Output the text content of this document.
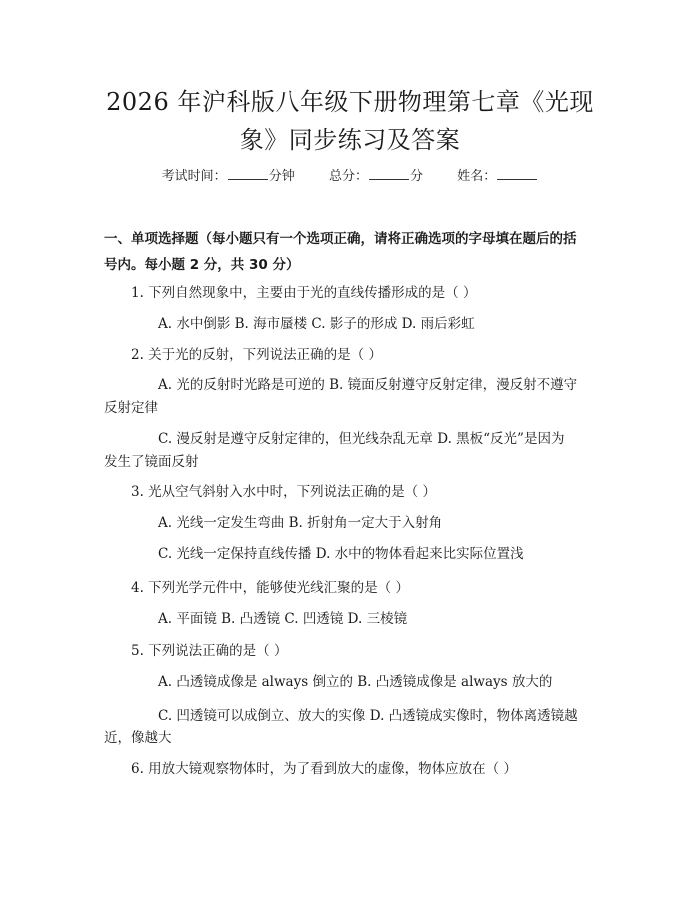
2026 年沪科版八年级下册物理第七章《光现
象》同步练习及答案
考试时间：	分钟	总分：	分	姓名：
一、单项选择题（每小题只有一个选项正确，请将正确选项的字母填在题后的括
号内。每小题 2 分，共 30 分）
1. 下列自然现象中，主要由于光的直线传播形成的是（ ）
A. 水中倒影 B. 海市蜃楼 C. 影子的形成 D. 雨后彩虹
2. 关于光的反射，下列说法正确的是（ ）
A. 光的反射时光路是可逆的 B. 镜面反射遵守反射定律，漫反射不遵守
反射定律
C. 漫反射是遵守反射定律的，但光线杂乱无章 D. 黑板“反光”是因为
发生了镜面反射
3. 光从空气斜射入水中时，下列说法正确的是（ ）
A. 光线一定发生弯曲 B. 折射角一定大于入射角
C. 光线一定保持直线传播 D. 水中的物体看起来比实际位置浅
4. 下列光学元件中，能够使光线汇聚的是（ ）
A. 平面镜 B. 凸透镜 C. 凹透镜 D. 三棱镜
5. 下列说法正确的是（ ）
A. 凸透镜成像是 always 倒立的 B. 凸透镜成像是 always 放大的
C. 凹透镜可以成倒立、放大的实像 D. 凸透镜成实像时，物体离透镜越
近，像越大
6. 用放大镜观察物体时，为了看到放大的虚像，物体应放在（ ）
